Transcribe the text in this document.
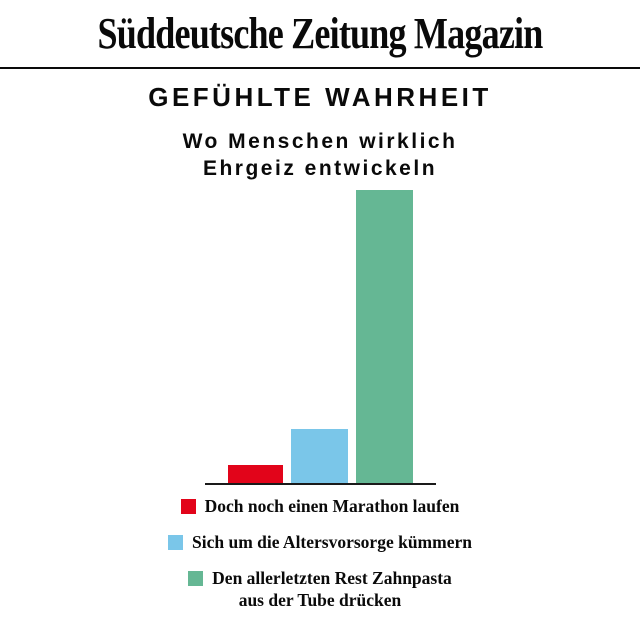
Süddeutsche Zeitung Magazin
GEFÜHLTE WAHRHEIT
Wo Menschen wirklich
Ehrgeiz entwickeln
Doch noch einen Marathon laufen
Sich um die Altersvorsorge kümmern
Den allerletzten Rest Zahnpasta
aus der Tube drücken
